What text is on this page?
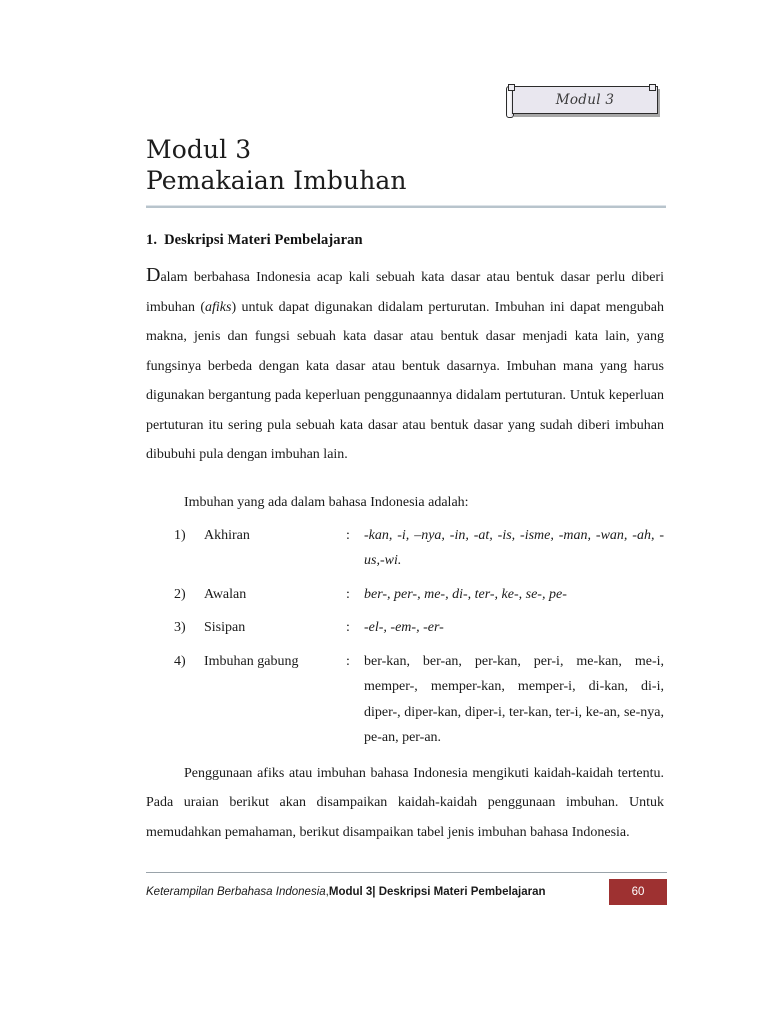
Modul 3
Modul 3
Pemakaian Imbuhan
1. Deskripsi Materi Pembelajaran

Dalam berbahasa Indonesia acap kali sebuah kata dasar atau bentuk dasar perlu diberi imbuhan (afiks) untuk dapat digunakan didalam perturutan. Imbuhan ini dapat mengubah makna, jenis dan fungsi sebuah kata dasar atau bentuk dasar menjadi kata lain, yang fungsinya berbeda dengan kata dasar atau bentuk dasarnya. Imbuhan mana yang harus digunakan bergantung pada keperluan penggunaannya didalam pertuturan. Untuk keperluan pertuturan itu sering pula sebuah kata dasar atau bentuk dasar yang sudah diberi imbuhan dibubuhi pula dengan imbuhan lain.

Imbuhan yang ada dalam bahasa Indonesia adalah:

1)	Akhiran	:	-kan, -i, –nya, -in, -at, -is, -isme, -man, -wan, -ah, -us,-wi.
2)	Awalan	:	ber-, per-, me-, di-, ter-, ke-, se-, pe-
3)	Sisipan	:	-el-, -em-, -er-
4)	Imbuhan gabung	:	ber-kan, ber-an, per-kan, per-i, me-kan, me-i, memper-, memper-kan, memper-i, di-kan, di-i, diper-, diper-kan, diper-i, ter-kan, ter-i, ke-an, se-nya, pe-an, per-an.

Penggunaan afiks atau imbuhan bahasa Indonesia mengikuti kaidah-kaidah tertentu. Pada uraian berikut akan disampaikan kaidah-kaidah penggunaan imbuhan. Untuk memudahkan pemahaman, berikut disampaikan tabel jenis imbuhan bahasa Indonesia.

Keterampilan Berbahasa Indonesia , Modul 3| Deskripsi Materi Pembelajaran	60
